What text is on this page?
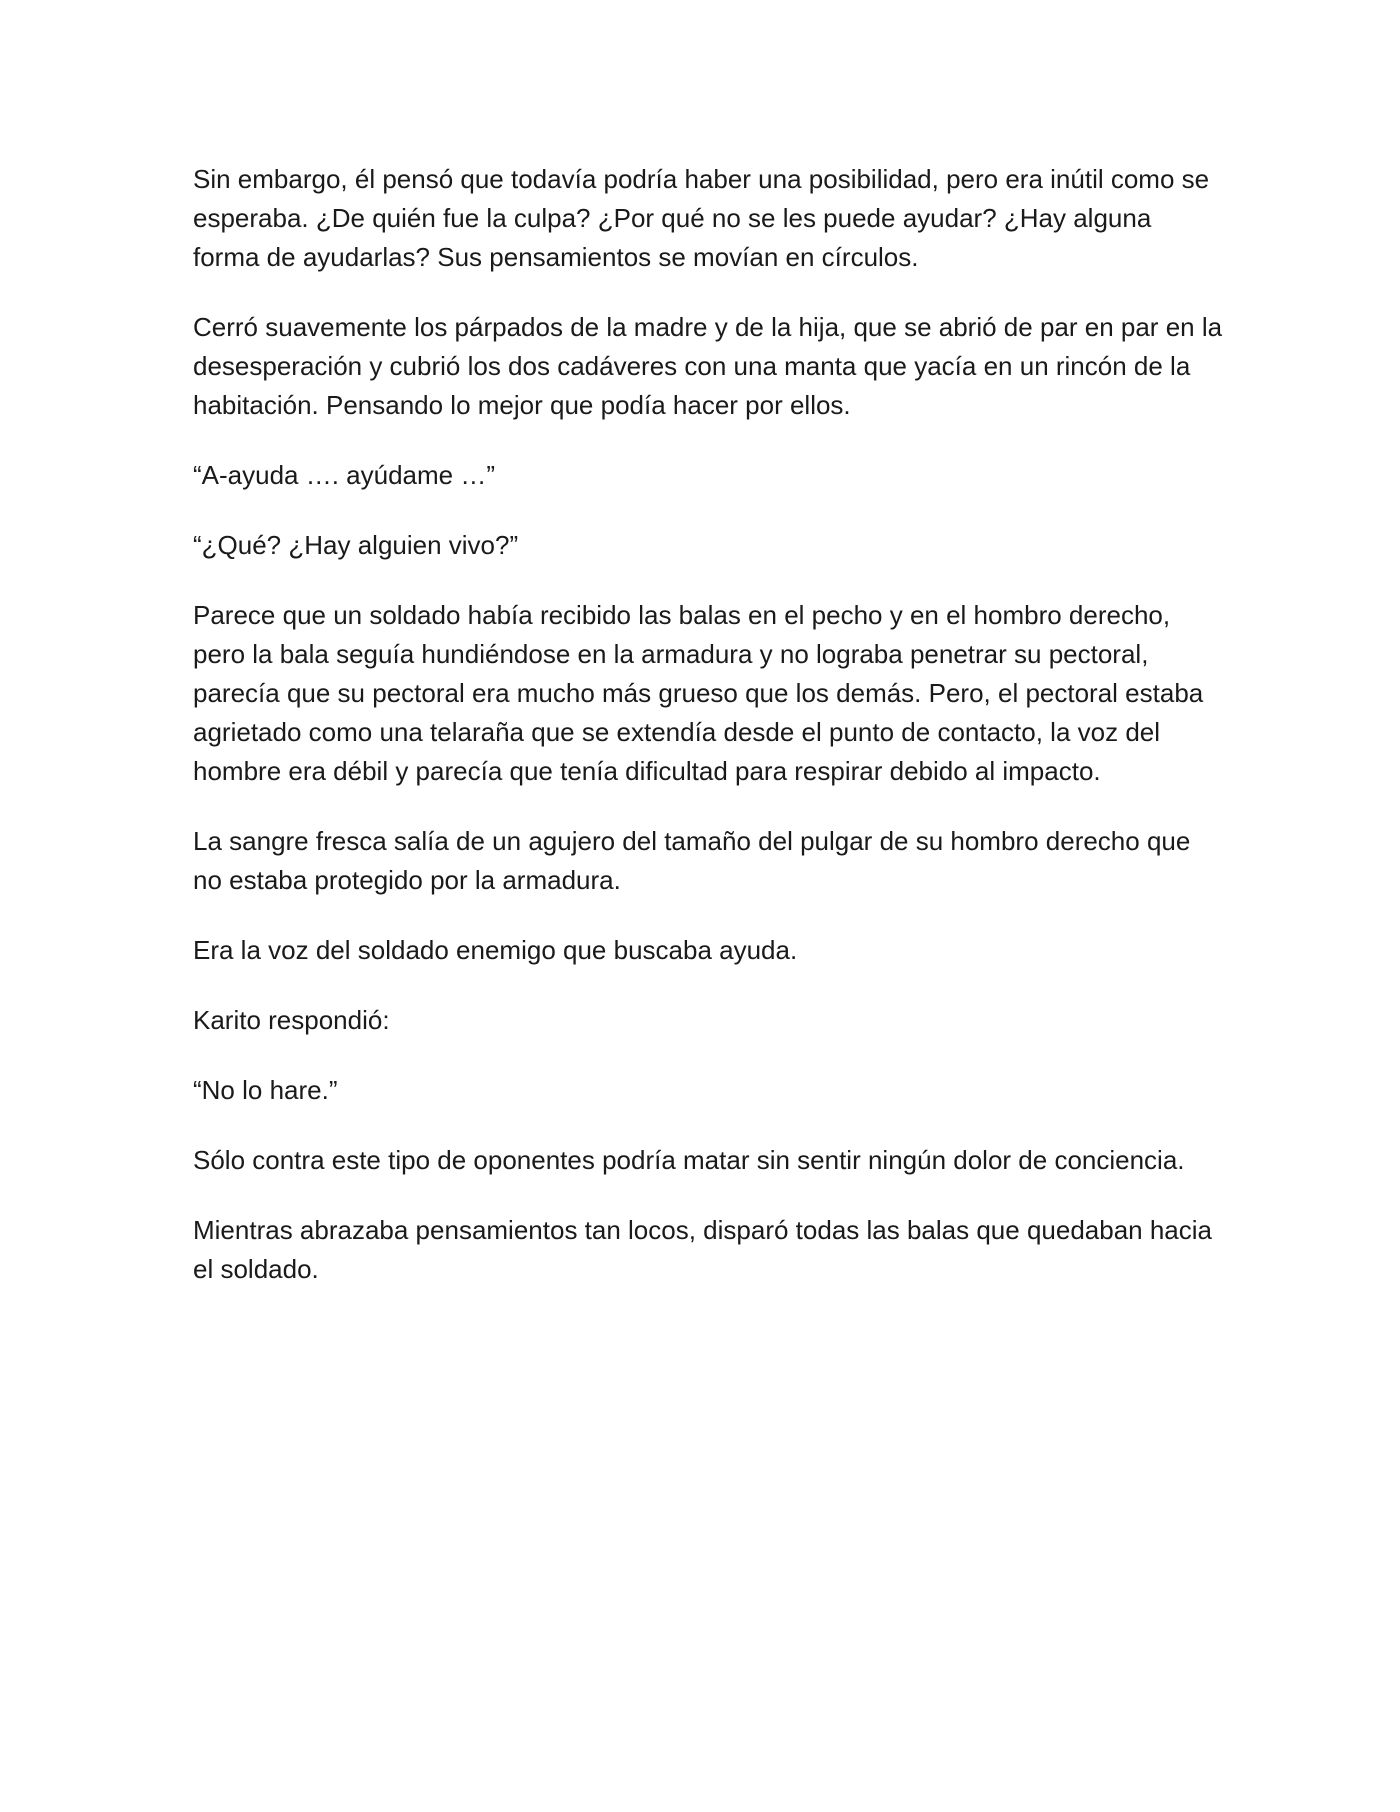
Sin embargo, él pensó que todavía podría haber una posibilidad, pero era inútil como se esperaba. ¿De quién fue la culpa? ¿Por qué no se les puede ayudar? ¿Hay alguna forma de ayudarlas? Sus pensamientos se movían en círculos.

Cerró suavemente los párpados de la madre y de la hija, que se abrió de par en par en la desesperación y cubrió los dos cadáveres con una manta que yacía en un rincón de la habitación. Pensando lo mejor que podía hacer por ellos.

“A-ayuda …. ayúdame …”

“¿Qué? ¿Hay alguien vivo?”

Parece que un soldado había recibido las balas en el pecho y en el hombro derecho, pero la bala seguía hundiéndose en la armadura y no lograba penetrar su pectoral, parecía que su pectoral era mucho más grueso que los demás. Pero, el pectoral estaba agrietado como una telaraña que se extendía desde el punto de contacto, la voz del hombre era débil y parecía que tenía dificultad para respirar debido al impacto.

La sangre fresca salía de un agujero del tamaño del pulgar de su hombro derecho que no estaba protegido por la armadura.

Era la voz del soldado enemigo que buscaba ayuda.

Karito respondió:

“No lo hare.”

Sólo contra este tipo de oponentes podría matar sin sentir ningún dolor de conciencia.

Mientras abrazaba pensamientos tan locos, disparó todas las balas que quedaban hacia el soldado.
